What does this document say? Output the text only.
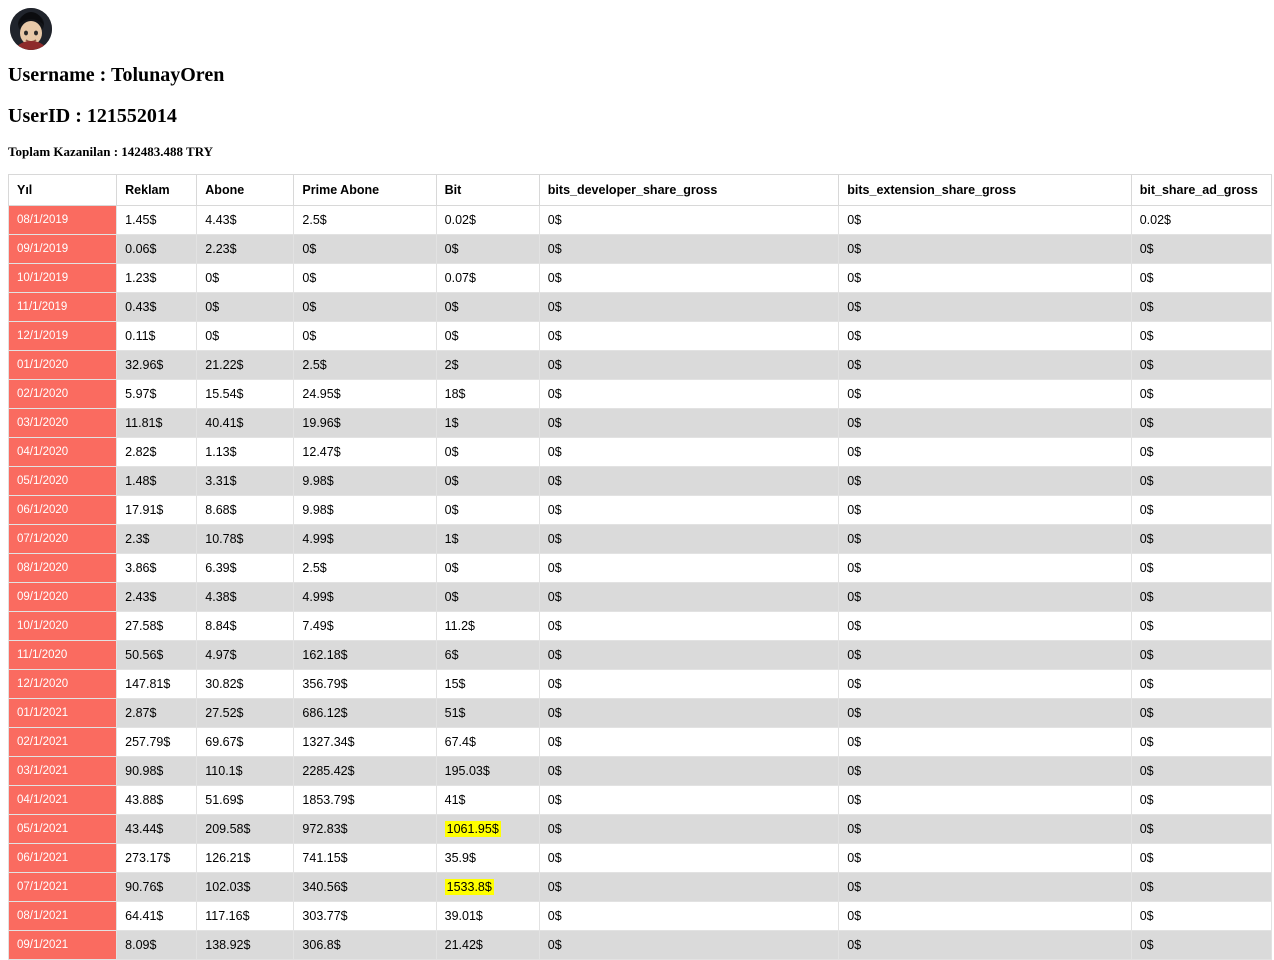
Username : TolunayOren
UserID : 121552014
Toplam Kazanilan : 142483.488 TRY
Yıl	Reklam	Abone	Prime Abone	Bit	bits_developer_share_gross	bits_extension_share_gross	bit_share_ad_gross
08/1/2019	1.45$	4.43$	2.5$	0.02$	0$	0$	0.02$
09/1/2019	0.06$	2.23$	0$	0$	0$	0$	0$
10/1/2019	1.23$	0$	0$	0.07$	0$	0$	0$
11/1/2019	0.43$	0$	0$	0$	0$	0$	0$
12/1/2019	0.11$	0$	0$	0$	0$	0$	0$
01/1/2020	32.96$	21.22$	2.5$	2$	0$	0$	0$
02/1/2020	5.97$	15.54$	24.95$	18$	0$	0$	0$
03/1/2020	11.81$	40.41$	19.96$	1$	0$	0$	0$
04/1/2020	2.82$	1.13$	12.47$	0$	0$	0$	0$
05/1/2020	1.48$	3.31$	9.98$	0$	0$	0$	0$
06/1/2020	17.91$	8.68$	9.98$	0$	0$	0$	0$
07/1/2020	2.3$	10.78$	4.99$	1$	0$	0$	0$
08/1/2020	3.86$	6.39$	2.5$	0$	0$	0$	0$
09/1/2020	2.43$	4.38$	4.99$	0$	0$	0$	0$
10/1/2020	27.58$	8.84$	7.49$	11.2$	0$	0$	0$
11/1/2020	50.56$	4.97$	162.18$	6$	0$	0$	0$
12/1/2020	147.81$	30.82$	356.79$	15$	0$	0$	0$
01/1/2021	2.87$	27.52$	686.12$	51$	0$	0$	0$
02/1/2021	257.79$	69.67$	1327.34$	67.4$	0$	0$	0$
03/1/2021	90.98$	110.1$	2285.42$	195.03$	0$	0$	0$
04/1/2021	43.88$	51.69$	1853.79$	41$	0$	0$	0$
05/1/2021	43.44$	209.58$	972.83$	1061.95$	0$	0$	0$
06/1/2021	273.17$	126.21$	741.15$	35.9$	0$	0$	0$
07/1/2021	90.76$	102.03$	340.56$	1533.8$	0$	0$	0$
08/1/2021	64.41$	117.16$	303.77$	39.01$	0$	0$	0$
09/1/2021	8.09$	138.92$	306.8$	21.42$	0$	0$	0$
